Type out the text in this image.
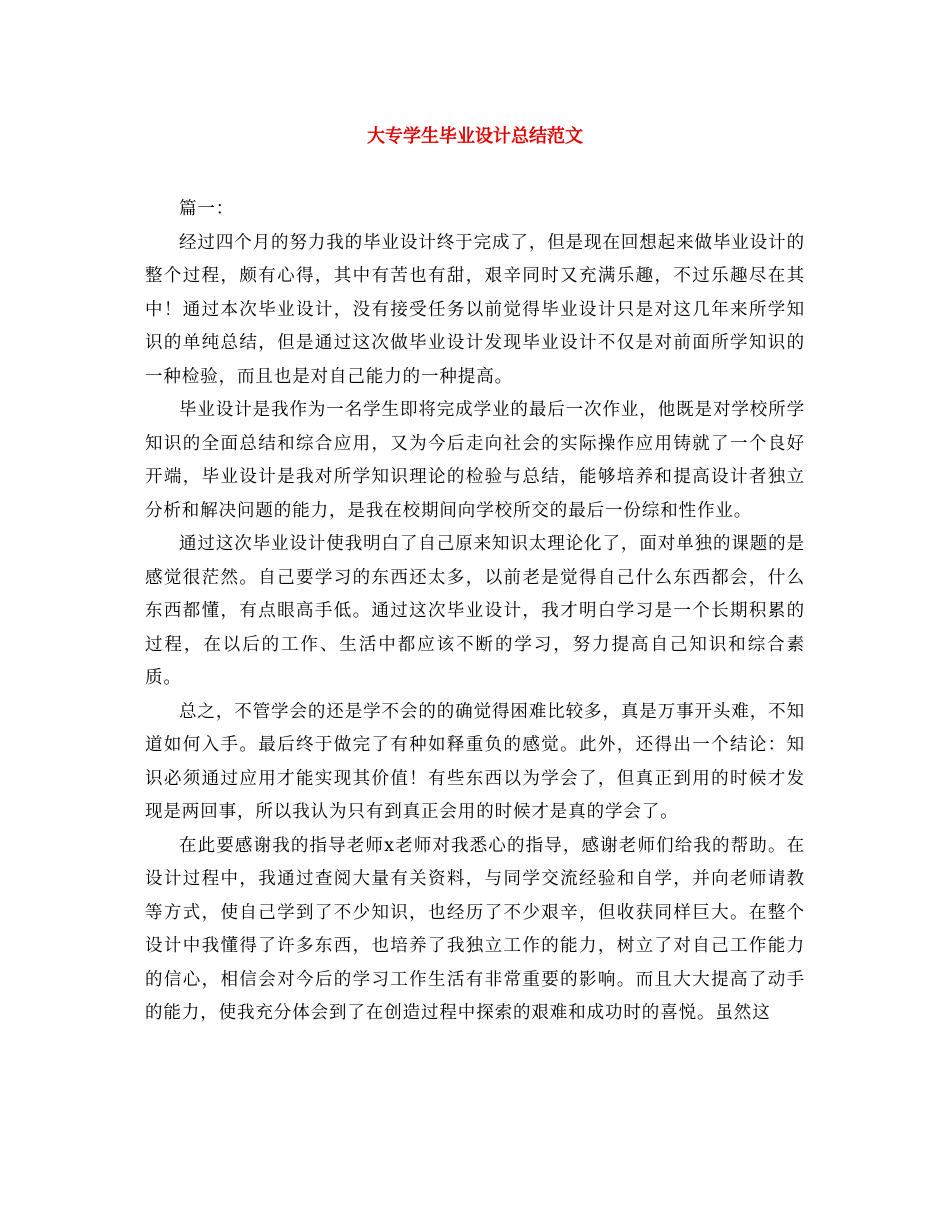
大专学生毕业设计总结范文

篇一：

经过四个月的努力我的毕业设计终于完成了，但是现在回想起来做毕业设计的整个过程，颇有心得，其中有苦也有甜，艰辛同时又充满乐趣，不过乐趣尽在其中！通过本次毕业设计，没有接受任务以前觉得毕业设计只是对这几年来所学知识的单纯总结，但是通过这次做毕业设计发现毕业设计不仅是对前面所学知识的一种检验，而且也是对自己能力的一种提高。

毕业设计是我作为一名学生即将完成学业的最后一次作业，他既是对学校所学知识的全面总结和综合应用，又为今后走向社会的实际操作应用铸就了一个良好开端，毕业设计是我对所学知识理论的检验与总结，能够培养和提高设计者独立分析和解决问题的能力，是我在校期间向学校所交的最后一份综和性作业。

通过这次毕业设计使我明白了自己原来知识太理论化了，面对单独的课题的是感觉很茫然。自己要学习的东西还太多，以前老是觉得自己什么东西都会，什么东西都懂，有点眼高手低。通过这次毕业设计，我才明白学习是一个长期积累的过程，在以后的工作、生活中都应该不断的学习，努力提高自己知识和综合素质。

总之，不管学会的还是学不会的的确觉得困难比较多，真是万事开头难，不知道如何入手。最后终于做完了有种如释重负的感觉。此外，还得出一个结论：知识必须通过应用才能实现其价值！有些东西以为学会了，但真正到用的时候才发现是两回事，所以我认为只有到真正会用的时候才是真的学会了。

在此要感谢我的指导老师x老师对我悉心的指导，感谢老师们给我的帮助。在设计过程中，我通过查阅大量有关资料，与同学交流经验和自学，并向老师请教等方式，使自己学到了不少知识，也经历了不少艰辛，但收获同样巨大。在整个设计中我懂得了许多东西，也培养了我独立工作的能力，树立了对自己工作能力的信心，相信会对今后的学习工作生活有非常重要的影响。而且大大提高了动手的能力，使我充分体会到了在创造过程中探索的艰难和成功时的喜悦。虽然这
